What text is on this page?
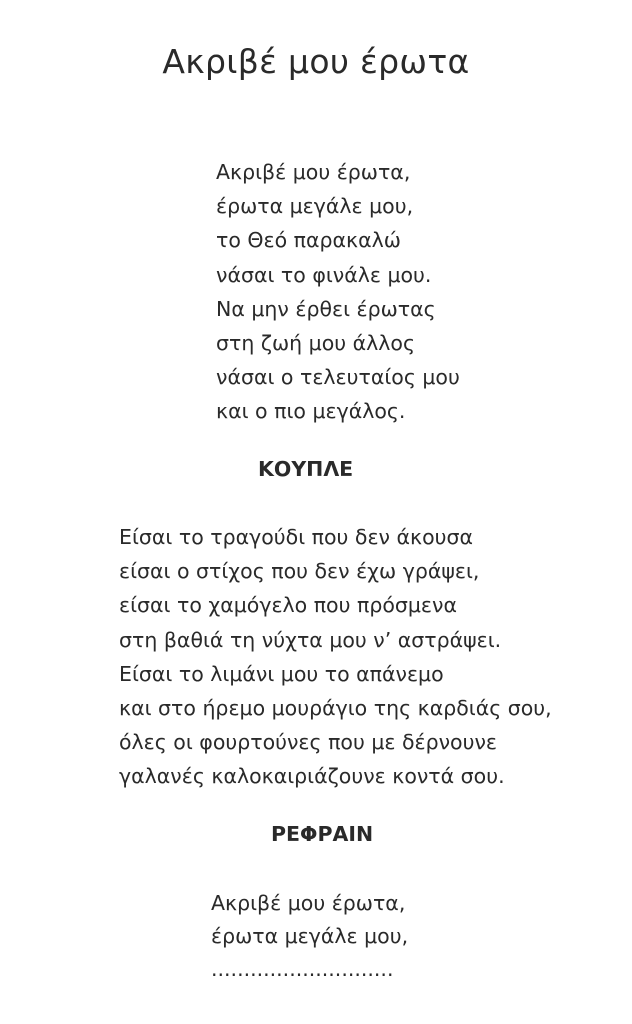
Ακριβέ μου έρωτα
Ακριβέ μου έρωτα,
έρωτα μεγάλε μου,
το Θεό παρακαλώ
νάσαι το φινάλε μου.
Να μην έρθει έρωτας
στη ζωή μου άλλος
νάσαι ο τελευταίος μου
και ο πιο μεγάλος.
ΚΟΥΠΛΕ
Είσαι το τραγούδι που δεν άκουσα
είσαι ο στίχος που δεν έχω γράψει,
είσαι το χαμόγελο που πρόσμενα
στη βαθιά τη νύχτα μου ν’ αστράψει.
Είσαι το λιμάνι μου το απάνεμο
και στο ήρεμο μουράγιο της καρδιάς σου,
όλες οι φουρτούνες που με δέρνουνε
γαλανές καλοκαιριάζουνε κοντά σου.
ΡΕΦΡΑΙΝ
Ακριβέ μου έρωτα,
έρωτα μεγάλε μου,
............................
